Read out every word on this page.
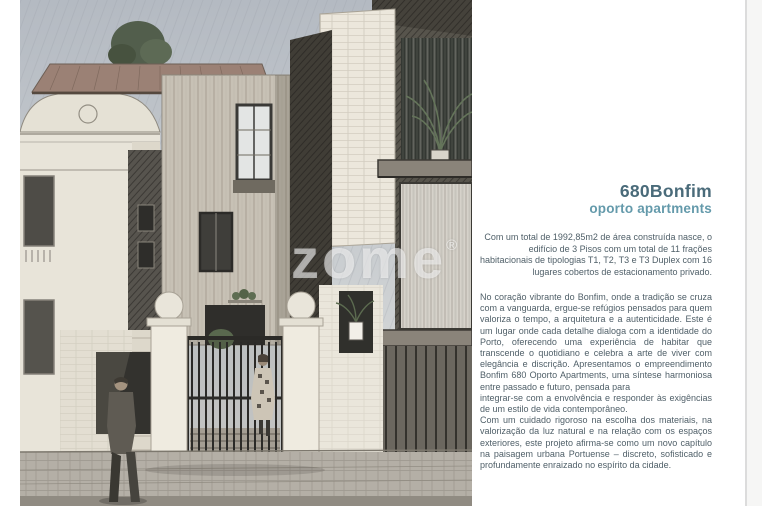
zome®
680Bonfim
oporto apartments
Com um total de 1992,85m2 de área construída nasce, o edifício de 3 Pisos com um total de 11 frações habitacionais de tipologias T1, T2, T3 e T3 Duplex com 16 lugares cobertos de estacionamento privado.

No coração vibrante do Bonfim, onde a tradição se cruza com a vanguarda, ergue-se refúgios pensados para quem valoriza o tempo, a arquitetura e a autenticidade. Este é um lugar onde cada detalhe dialoga com a identidade do Porto, oferecendo uma experiência de habitar que transcende o quotidiano e celebra a arte de viver com elegância e discrição. Apresentamos o empreendimento Bonfim 680 Oporto Apartments, uma síntese harmoniosa entre passado e futuro, pensada para

integrar-se com a envolvência e responder às exigências de um estilo de vida contemporâneo.

Com um cuidado rigoroso na escolha dos materiais, na valorização da luz natural e na relação com os espaços exteriores, este projeto afirma-se como um novo capítulo na paisagem urbana Portuense – discreto, sofisticado e profundamente enraizado no espírito da cidade.
